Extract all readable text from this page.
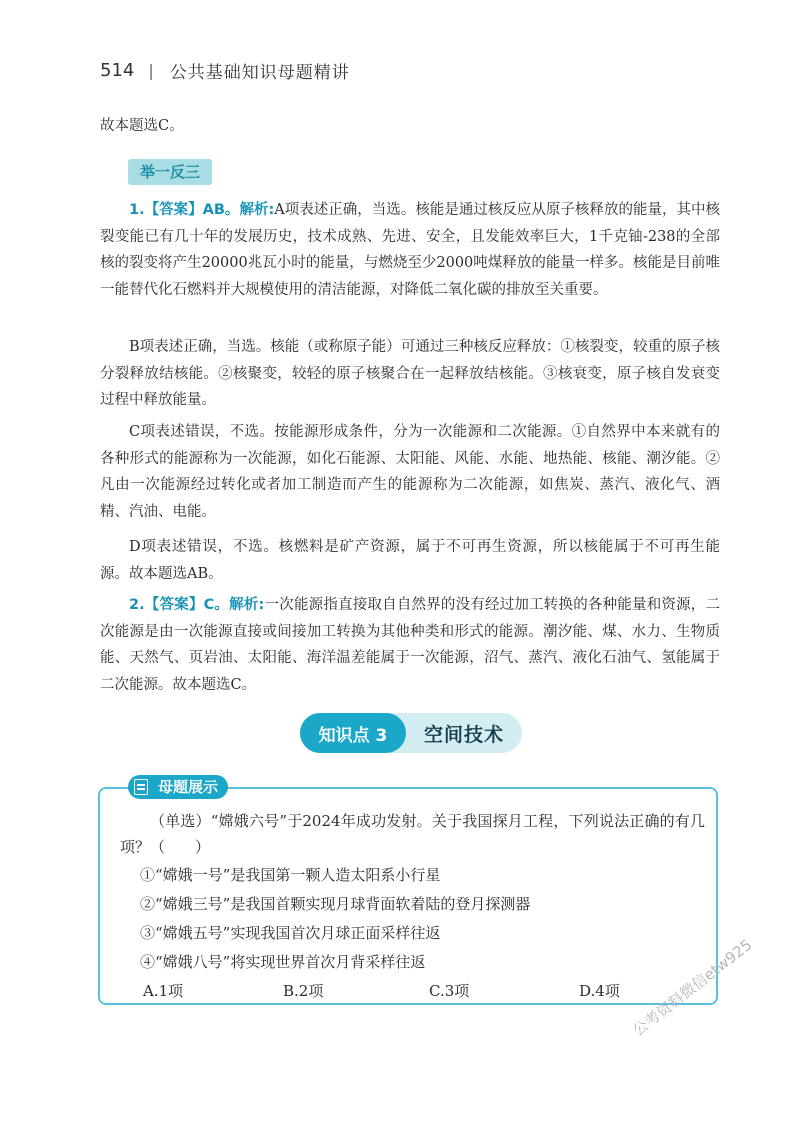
514 | 公共基础知识母题精讲
故本题选C。
举一反三
1.【答案】AB。解析:A项表述正确，当选。核能是通过核反应从原子核释放的能量，其中核裂变能已有几十年的发展历史，技术成熟、先进、安全，且发能效率巨大，1千克铀-238的全部核的裂变将产生20000兆瓦小时的能量，与燃烧至少2000吨煤释放的能量一样多。核能是目前唯一能替代化石燃料并大规模使用的清洁能源，对降低二氧化碳的排放至关重要。
B项表述正确，当选。核能（或称原子能）可通过三种核反应释放：①核裂变，较重的原子核分裂释放结核能。②核聚变，较轻的原子核聚合在一起释放结核能。③核衰变，原子核自发衰变过程中释放能量。
C项表述错误，不选。按能源形成条件，分为一次能源和二次能源。①自然界中本来就有的各种形式的能源称为一次能源，如化石能源、太阳能、风能、水能、地热能、核能、潮汐能。②凡由一次能源经过转化或者加工制造而产生的能源称为二次能源，如焦炭、蒸汽、液化气、酒精、汽油、电能。
D项表述错误，不选。核燃料是矿产资源，属于不可再生资源，所以核能属于不可再生能源。 故本题选AB。
2.【答案】C。解析:一次能源指直接取自自然界的没有经过加工转换的各种能量和资源，二次能源是由一次能源直接或间接加工转换为其他种类和形式的能源。潮汐能、煤、水力、生物质能、天然气、页岩油、太阳能、海洋温差能属于一次能源，沼气、蒸汽、液化石油气、氢能属于二次能源。故本题选C。
知识点 3	空间技术
母题展示
（单选）“嫦娥六号”于2024年成功发射。关于我国探月工程，下列说法正确的有几项？（　　）
①“嫦娥一号”是我国第一颗人造太阳系小行星
②“嫦娥三号”是我国首颗实现月球背面软着陆的登月探测器
③“嫦娥五号”实现我国首次月球正面采样往返
④“嫦娥八号”将实现世界首次月背采样往返
A.1项	B.2项	C.3项	D.4项 公考资料微信etw925
